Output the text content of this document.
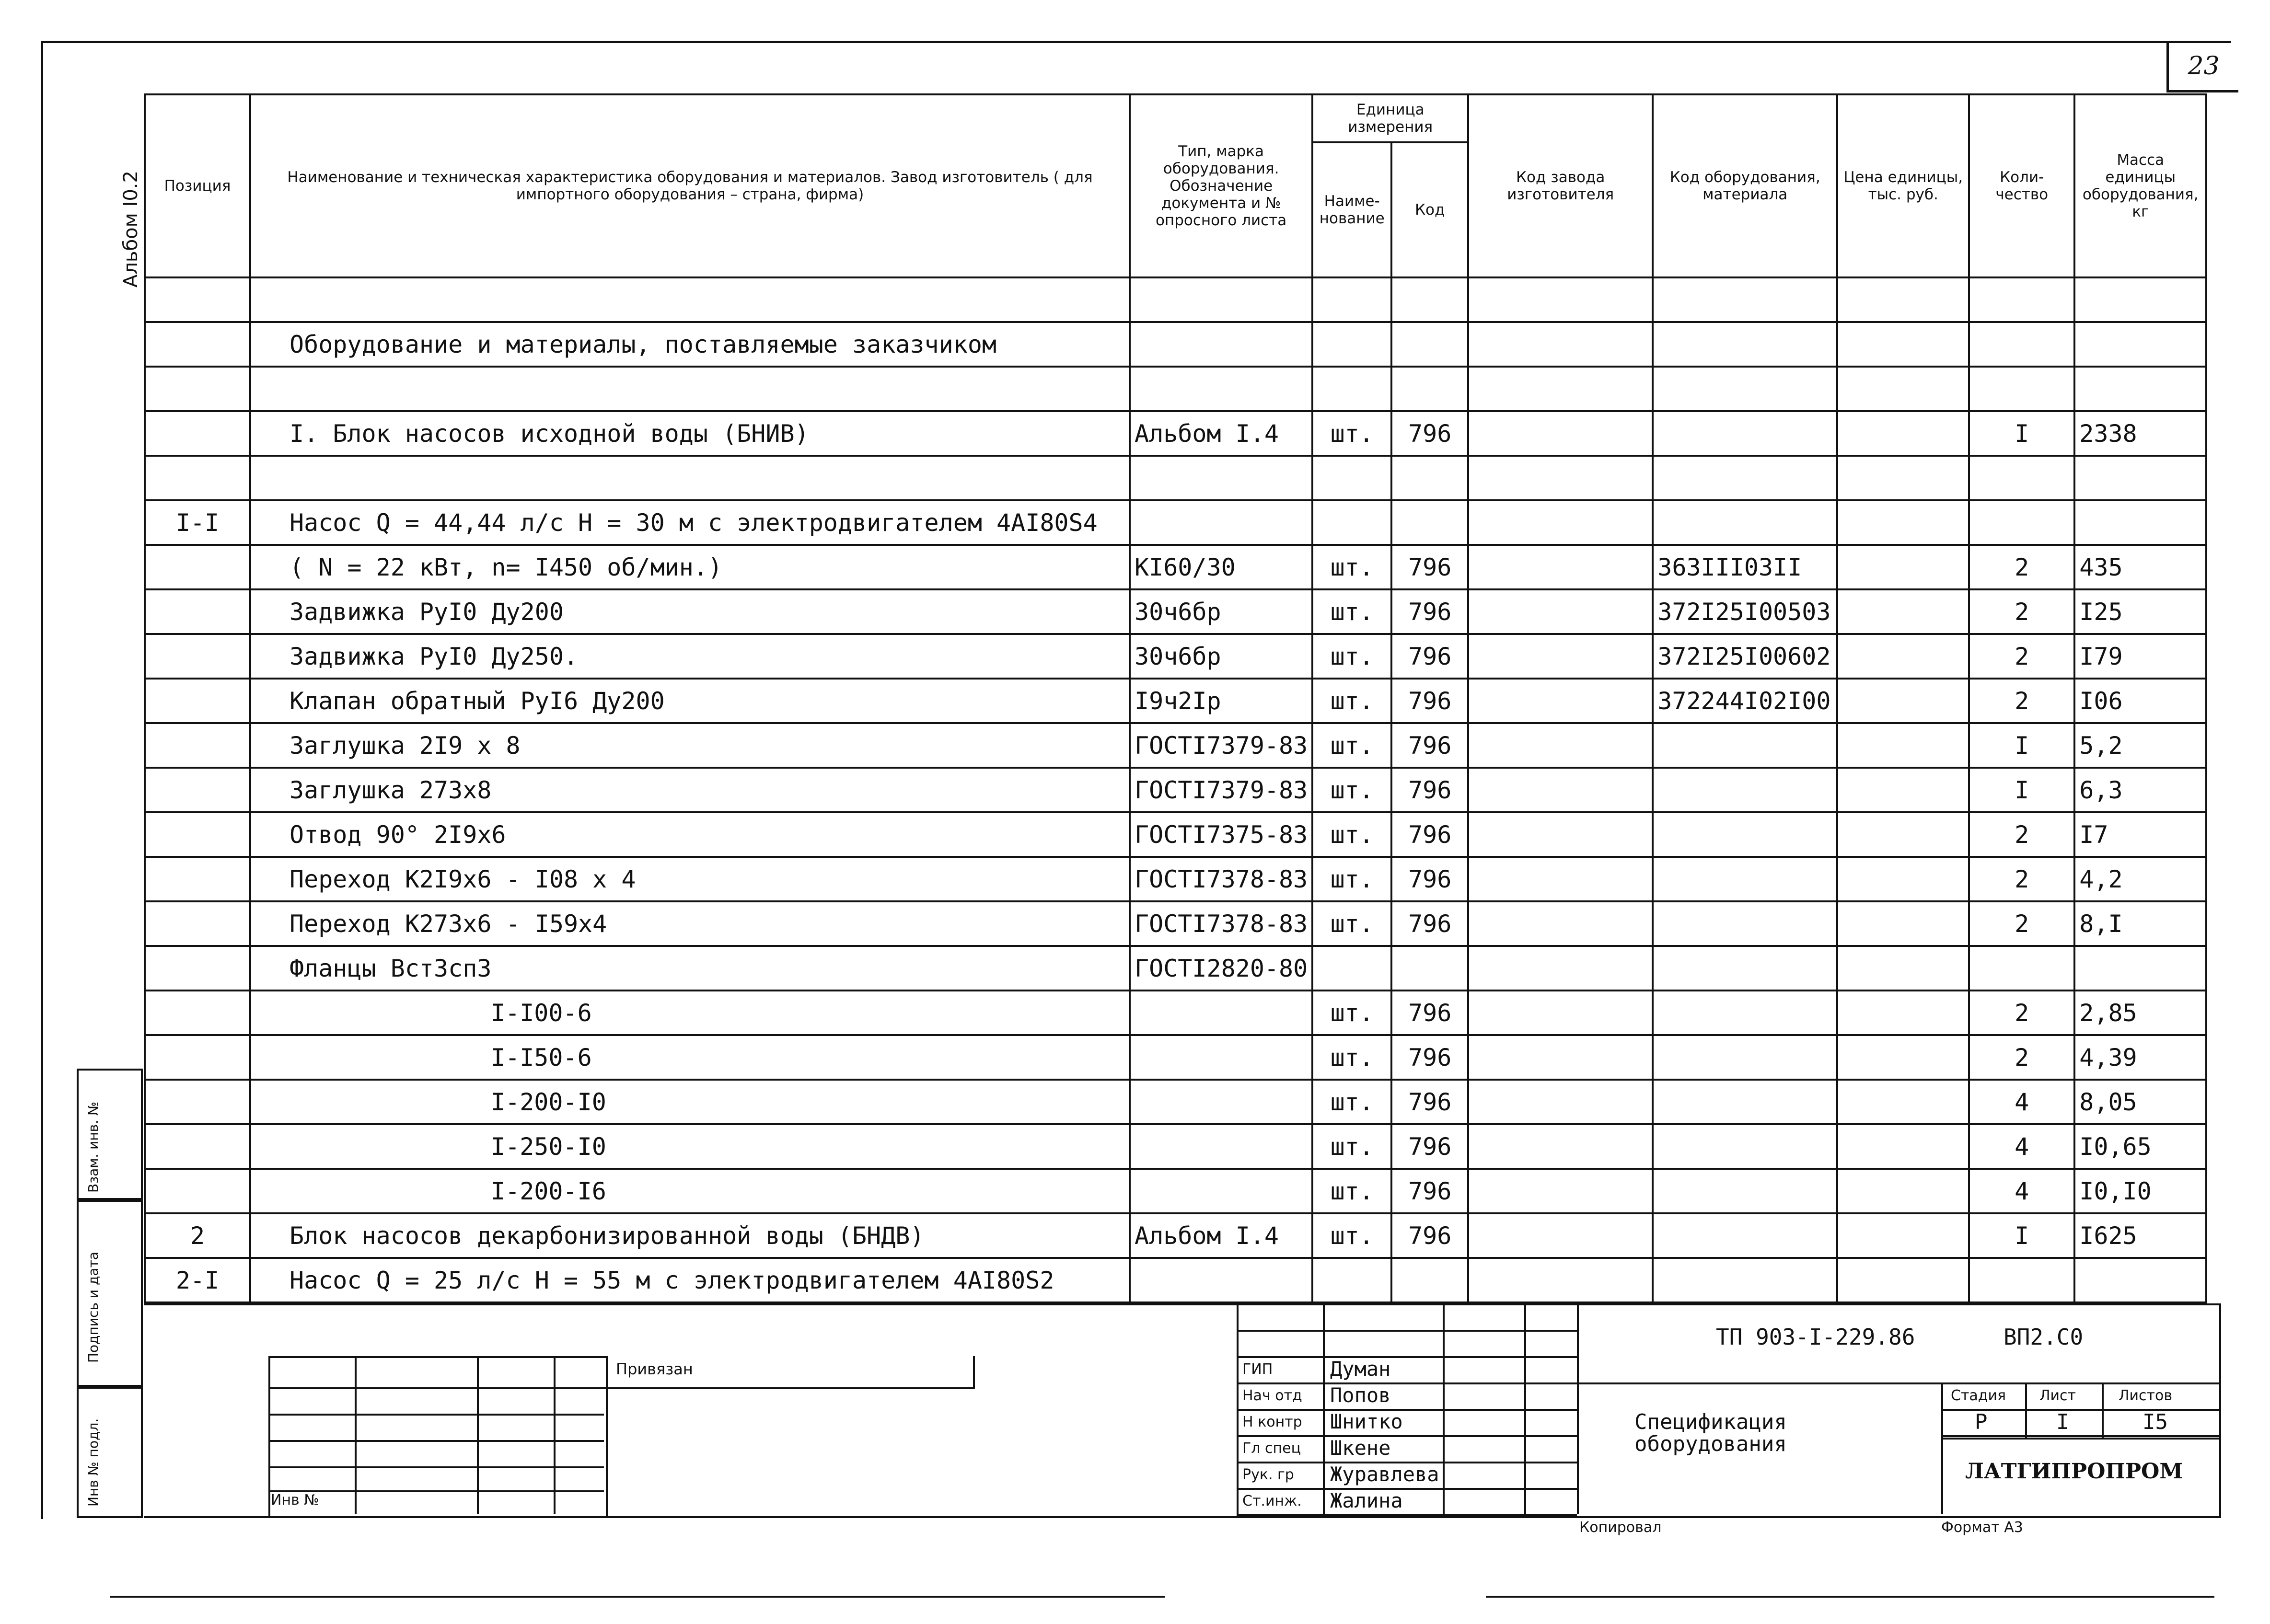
23
Альбом I0.2 Позиция	Наименование и техническая характеристика оборудования и материалов. Завод изготовитель ( для импортного оборудования – страна, фирма)	Тип, марка оборудования. Обозначение документа и № опросного листа	Единица измерения		Код завода изготовителя	Код оборудования, материала	Цена единицы, тыс. руб.	Коли-чество	Масса единицы оборудования, кг
			Наиме-нование	Код					

	Оборудование и материалы, поставляемые заказчиком								

	I. Блок насосов исходной воды (БНИВ)	Альбом I.4	шт.	796				I	2338

I-I	Насос Q = 44,44 л/с H = 30 м с электродвигателем 4АI80S4								
	( N = 22 кВт, n= I450 об/мин.)	КI60/30	шт.	796		363III03II		2	435
	Задвижка РуI0 Ду200	30ч6бр	шт.	796		372I25I00503		2	I25
	Задвижка РуI0 Ду250.	30ч6бр	шт.	796		372I25I00602		2	I79
	Клапан обратный РуI6 Ду200	I9ч2Iр	шт.	796		372244I02I00		2	I06
	Заглушка 2I9 х 8	ГОСТI7379-83	шт.	796				I	5,2
	Заглушка 273х8	ГОСТI7379-83	шт.	796				I	6,3
	Отвод 90° 2I9х6	ГОСТI7375-83	шт.	796				2	I7
	Переход К2I9х6 - I08 х 4	ГОСТI7378-83	шт.	796				2	4,2
	Переход К273х6 - I59х4	ГОСТI7378-83	шт.	796				2	8,I
	Фланцы ВстЗсп3	ГОСТI2820-80							
	I-I00-6		шт.	796				2	2,85
	I-I50-6		шт.	796				2	4,39
	I-200-I0		шт.	796				4	8,05
	I-250-I0		шт.	796				4	I0,65
	I-200-I6		шт.	796				4	I0,I0
2	Блок насосов декарбонизированной воды (БНДВ)	Альбом I.4	шт.	796				I	I625
2-I	Насос Q = 25 л/с H = 55 м с электродвигателем 4АI80S2								
Взам. инв. №
Подпись и дата
Инв № подл.
Привязан
Инв №
ГИП	Думан
Нач отд Попов
Н контр Шнитко
Гл спец Шкене
Рук. гр Журавлева
Ст.инж. Жалина
ТП 903-I-229.86	ВП2.С0
Спецификация оборудования
Стадия Лист	Листов
Р	I	I5
ЛАТГИПРОПРОМ
Копировал	Формат А3
